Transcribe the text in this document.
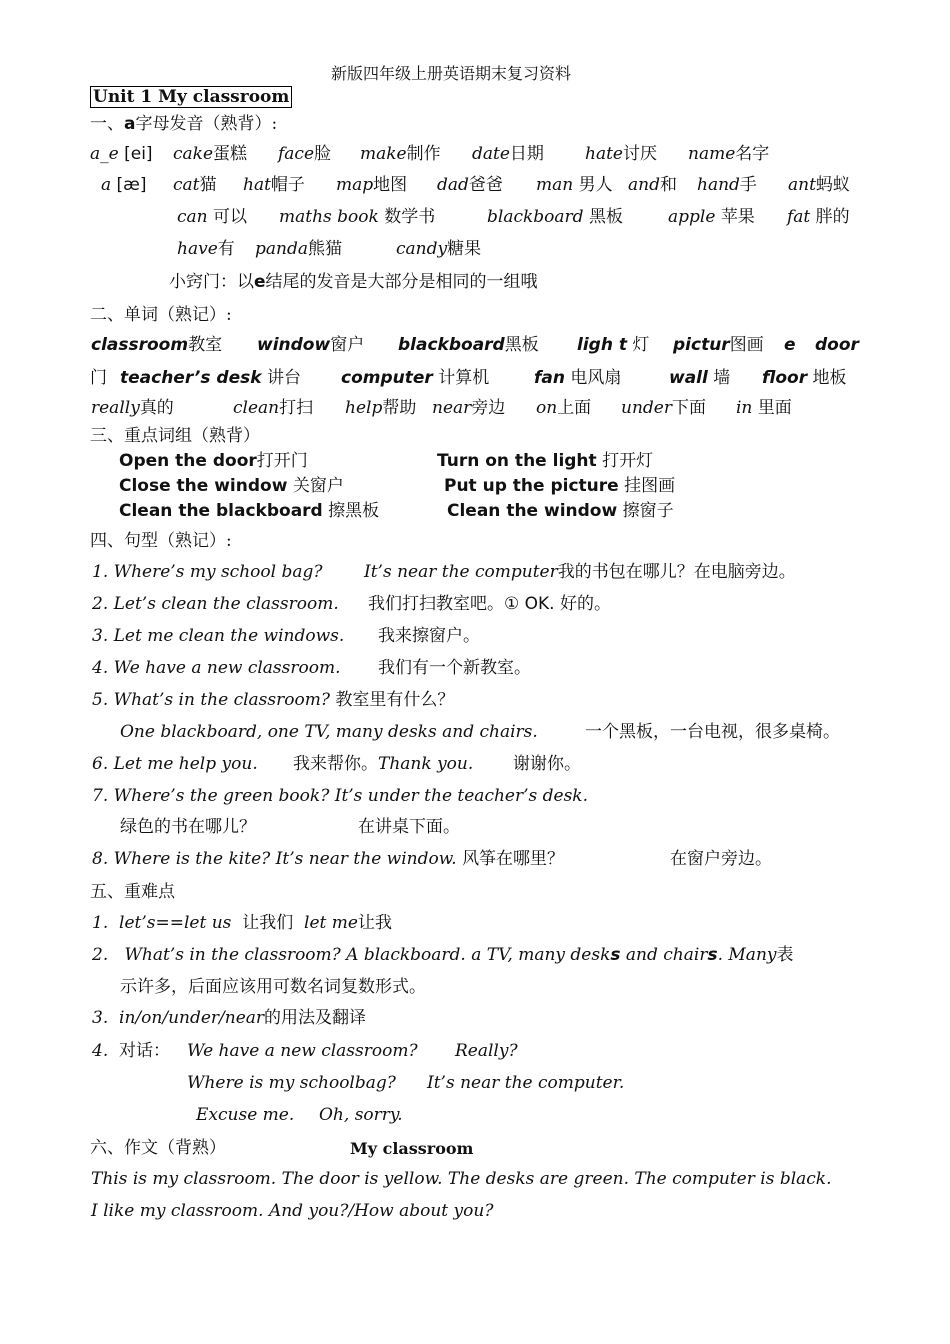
新版四年级上册英语期末复习资料
Unit 1 My classroom
一、a字母发音（熟背）:
a_e [ei] cake蛋糕 face脸 make制作 date日期 hate讨厌 name名字
a [æ] cat猫 hat帽子 map地图 dad爸爸 man 男人 and和 hand手 ant蚂蚁
can 可以 maths book 数学书	blackboard 黑板	apple 苹果 fat 胖的
have有 panda熊猫	candy糖果
小窍门：以e结尾的发音是大部分是相同的一组哦
二、单词（熟记）:
classroom教室 window窗户 blackboard黑板 ligh t 灯 pictur图画 e door
门 teacher’s desk 讲台 computer 计算机	fan 电风扇	wall 墙 floor 地板
really真的	clean打扫 help帮助 near旁边 on上面 under下面 in 里面
三、重点词组（熟背）
Open the door打开门	Turn on the light 打开灯
Close the window 关窗户	Put up the picture 挂图画
Clean the blackboard 擦黑板	Clean the window 擦窗子
四、句型（熟记）:
1. Where’s my school bag? It’s near the computer我的书包在哪儿？在电脑旁边。
2. Let’s clean the classroom. 我们打扫教室吧。① OK. 好的。
3. Let me clean the windows. 我来擦窗户。
4. We have a new classroom. 我们有一个新教室。
5. What’s in the classroom? 教室里有什么？
One blackboard, one TV, many desks and chairs.	一个黑板，一台电视，很多桌椅。
6. Let me help you. 我来帮你。Thank you. 谢谢你。
7. Where’s the green book? It’s under the teacher’s desk.
绿色的书在哪儿？	在讲桌下面。
8. Where is the kite? It’s near the window. 风筝在哪里？	在窗户旁边。
五、重难点
1. let’s==let us 让我们 let me让我
2. What’s in the classroom? A blackboard. a TV, many desks and chairs. Many表
示许多，后面应该用可数名词复数形式。
3. in/on/under/near的用法及翻译
4. 对话： We have a new classroom? Really?
Where is my schoolbag? It’s near the computer.
Excuse me. Oh, sorry.
六、作文（背熟）	My classroom
This is my classroom. The door is yellow. The desks are green. The computer is black.
I like my classroom. And you?/How about you?
